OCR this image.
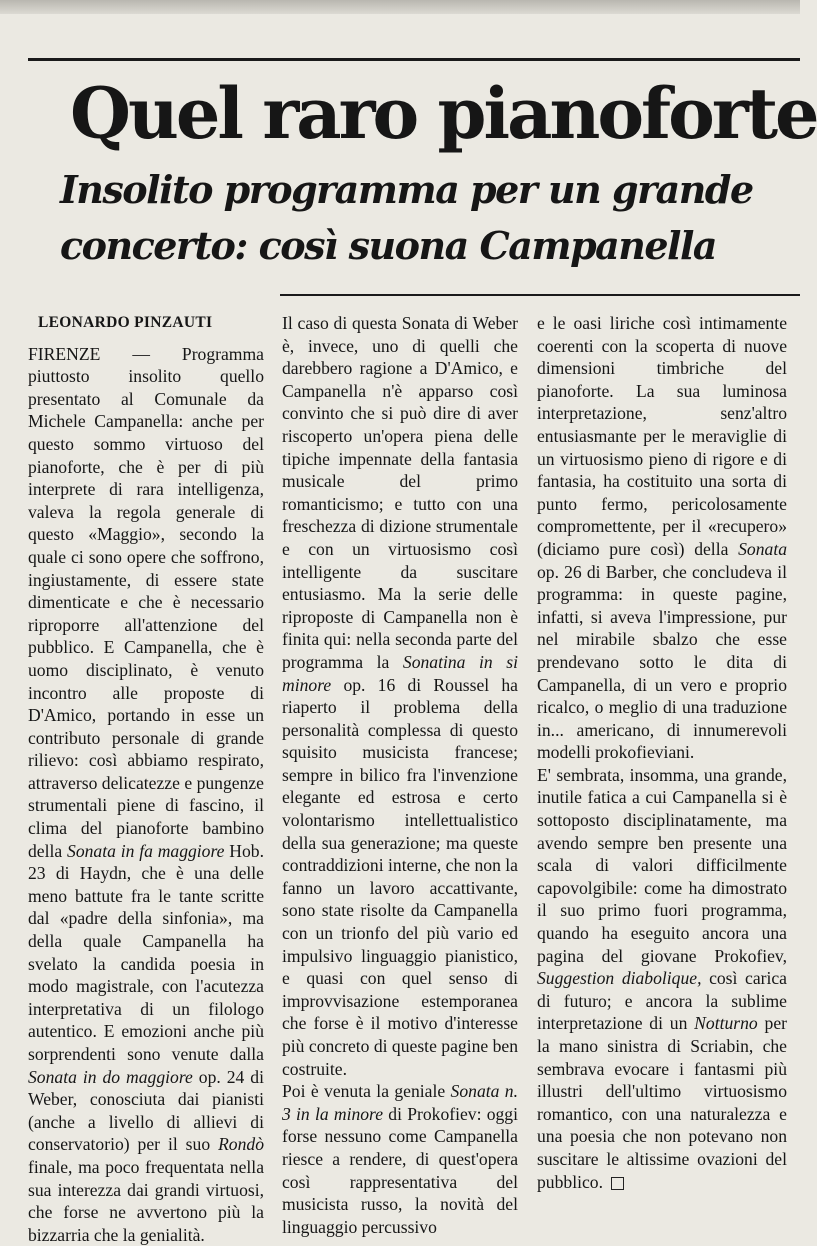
Quel raro pianoforte
Insolito programma per un grande concerto: così suona Campanella

LEONARDO PINZAUTI

FIRENZE — Programma piuttosto insolito quello presentato al Comunale da Michele Campanella: anche per questo sommo virtuoso del pianoforte, che è per di più interprete di rara intelligenza, valeva la regola generale di questo «Maggio», secondo la quale ci sono opere che soffrono, ingiustamente, di essere state dimenticate e che è necessario riproporre all'attenzione del pubblico. E Campanella, che è uomo disciplinato, è venuto incontro alle proposte di D'Amico, portando in esse un contributo personale di grande rilievo: così abbiamo respirato, attraverso delicatezze e pungenze strumentali piene di fascino, il clima del pianoforte bambino della Sonata in fa maggiore Hob. 23 di Haydn, che è una delle meno battute fra le tante scritte dal «padre della sinfonia», ma della quale Campanella ha svelato la candida poesia in modo magistrale, con l'acutezza interpretativa di un filologo autentico. E emozioni anche più sorprendenti sono venute dalla Sonata in do maggiore op. 24 di Weber, conosciuta dai pianisti (anche a livello di allievi di conservatorio) per il suo Rondò finale, ma poco frequentata nella sua interezza dai grandi virtuosi, che forse ne avvertono più la bizzarria che la genialità.

Il caso di questa Sonata di Weber è, invece, uno di quelli che darebbero ragione a D'Amico, e Campanella n'è apparso così convinto che si può dire di aver riscoperto un'opera piena delle tipiche impennate della fantasia musicale del primo romanticismo; e tutto con una freschezza di dizione strumentale e con un virtuosismo così intelligente da suscitare entusiasmo. Ma la serie delle riproposte di Campanella non è finita qui: nella seconda parte del programma la Sonatina in si minore op. 16 di Roussel ha riaperto il problema della personalità complessa di questo squisito musicista francese; sempre in bilico fra l'invenzione elegante ed estrosa e certo volontarismo intellettualistico della sua generazione; ma queste contraddizioni interne, che non la fanno un lavoro accattivante, sono state risolte da Campanella con un trionfo del più vario ed impulsivo linguaggio pianistico, e quasi con quel senso di improvvisazione estemporanea che forse è il motivo d'interesse più concreto di queste pagine ben costruite.

Poi è venuta la geniale Sonata n. 3 in la minore di Prokofiev: oggi forse nessuno come Campanella riesce a rendere, di quest'opera così rappresentativa del musicista russo, la novità del linguaggio percussivo

e le oasi liriche così intimamente coerenti con la scoperta di nuove dimensioni timbriche del pianoforte. La sua luminosa interpretazione, senz'altro entusiasmante per le meraviglie di un virtuosismo pieno di rigore e di fantasia, ha costituito una sorta di punto fermo, pericolosamente compromettente, per il «recupero» (diciamo pure così) della Sonata op. 26 di Barber, che concludeva il programma: in queste pagine, infatti, si aveva l'impressione, pur nel mirabile sbalzo che esse prendevano sotto le dita di Campanella, di un vero e proprio ricalco, o meglio di una traduzione in... americano, di innumerevoli modelli prokofieviani.

E' sembrata, insomma, una grande, inutile fatica a cui Campanella si è sottoposto disciplinatamente, ma avendo sempre ben presente una scala di valori difficilmente capovolgibile: come ha dimostrato il suo primo fuori programma, quando ha eseguito ancora una pagina del giovane Prokofiev, Suggestion diabolique, così carica di futuro; e ancora la sublime interpretazione di un Notturno per la mano sinistra di Scriabin, che sembrava evocare i fantasmi più illustri dell'ultimo virtuosismo romantico, con una naturalezza e una poesia che non potevano non suscitare le altissime ovazioni del pubblico.
